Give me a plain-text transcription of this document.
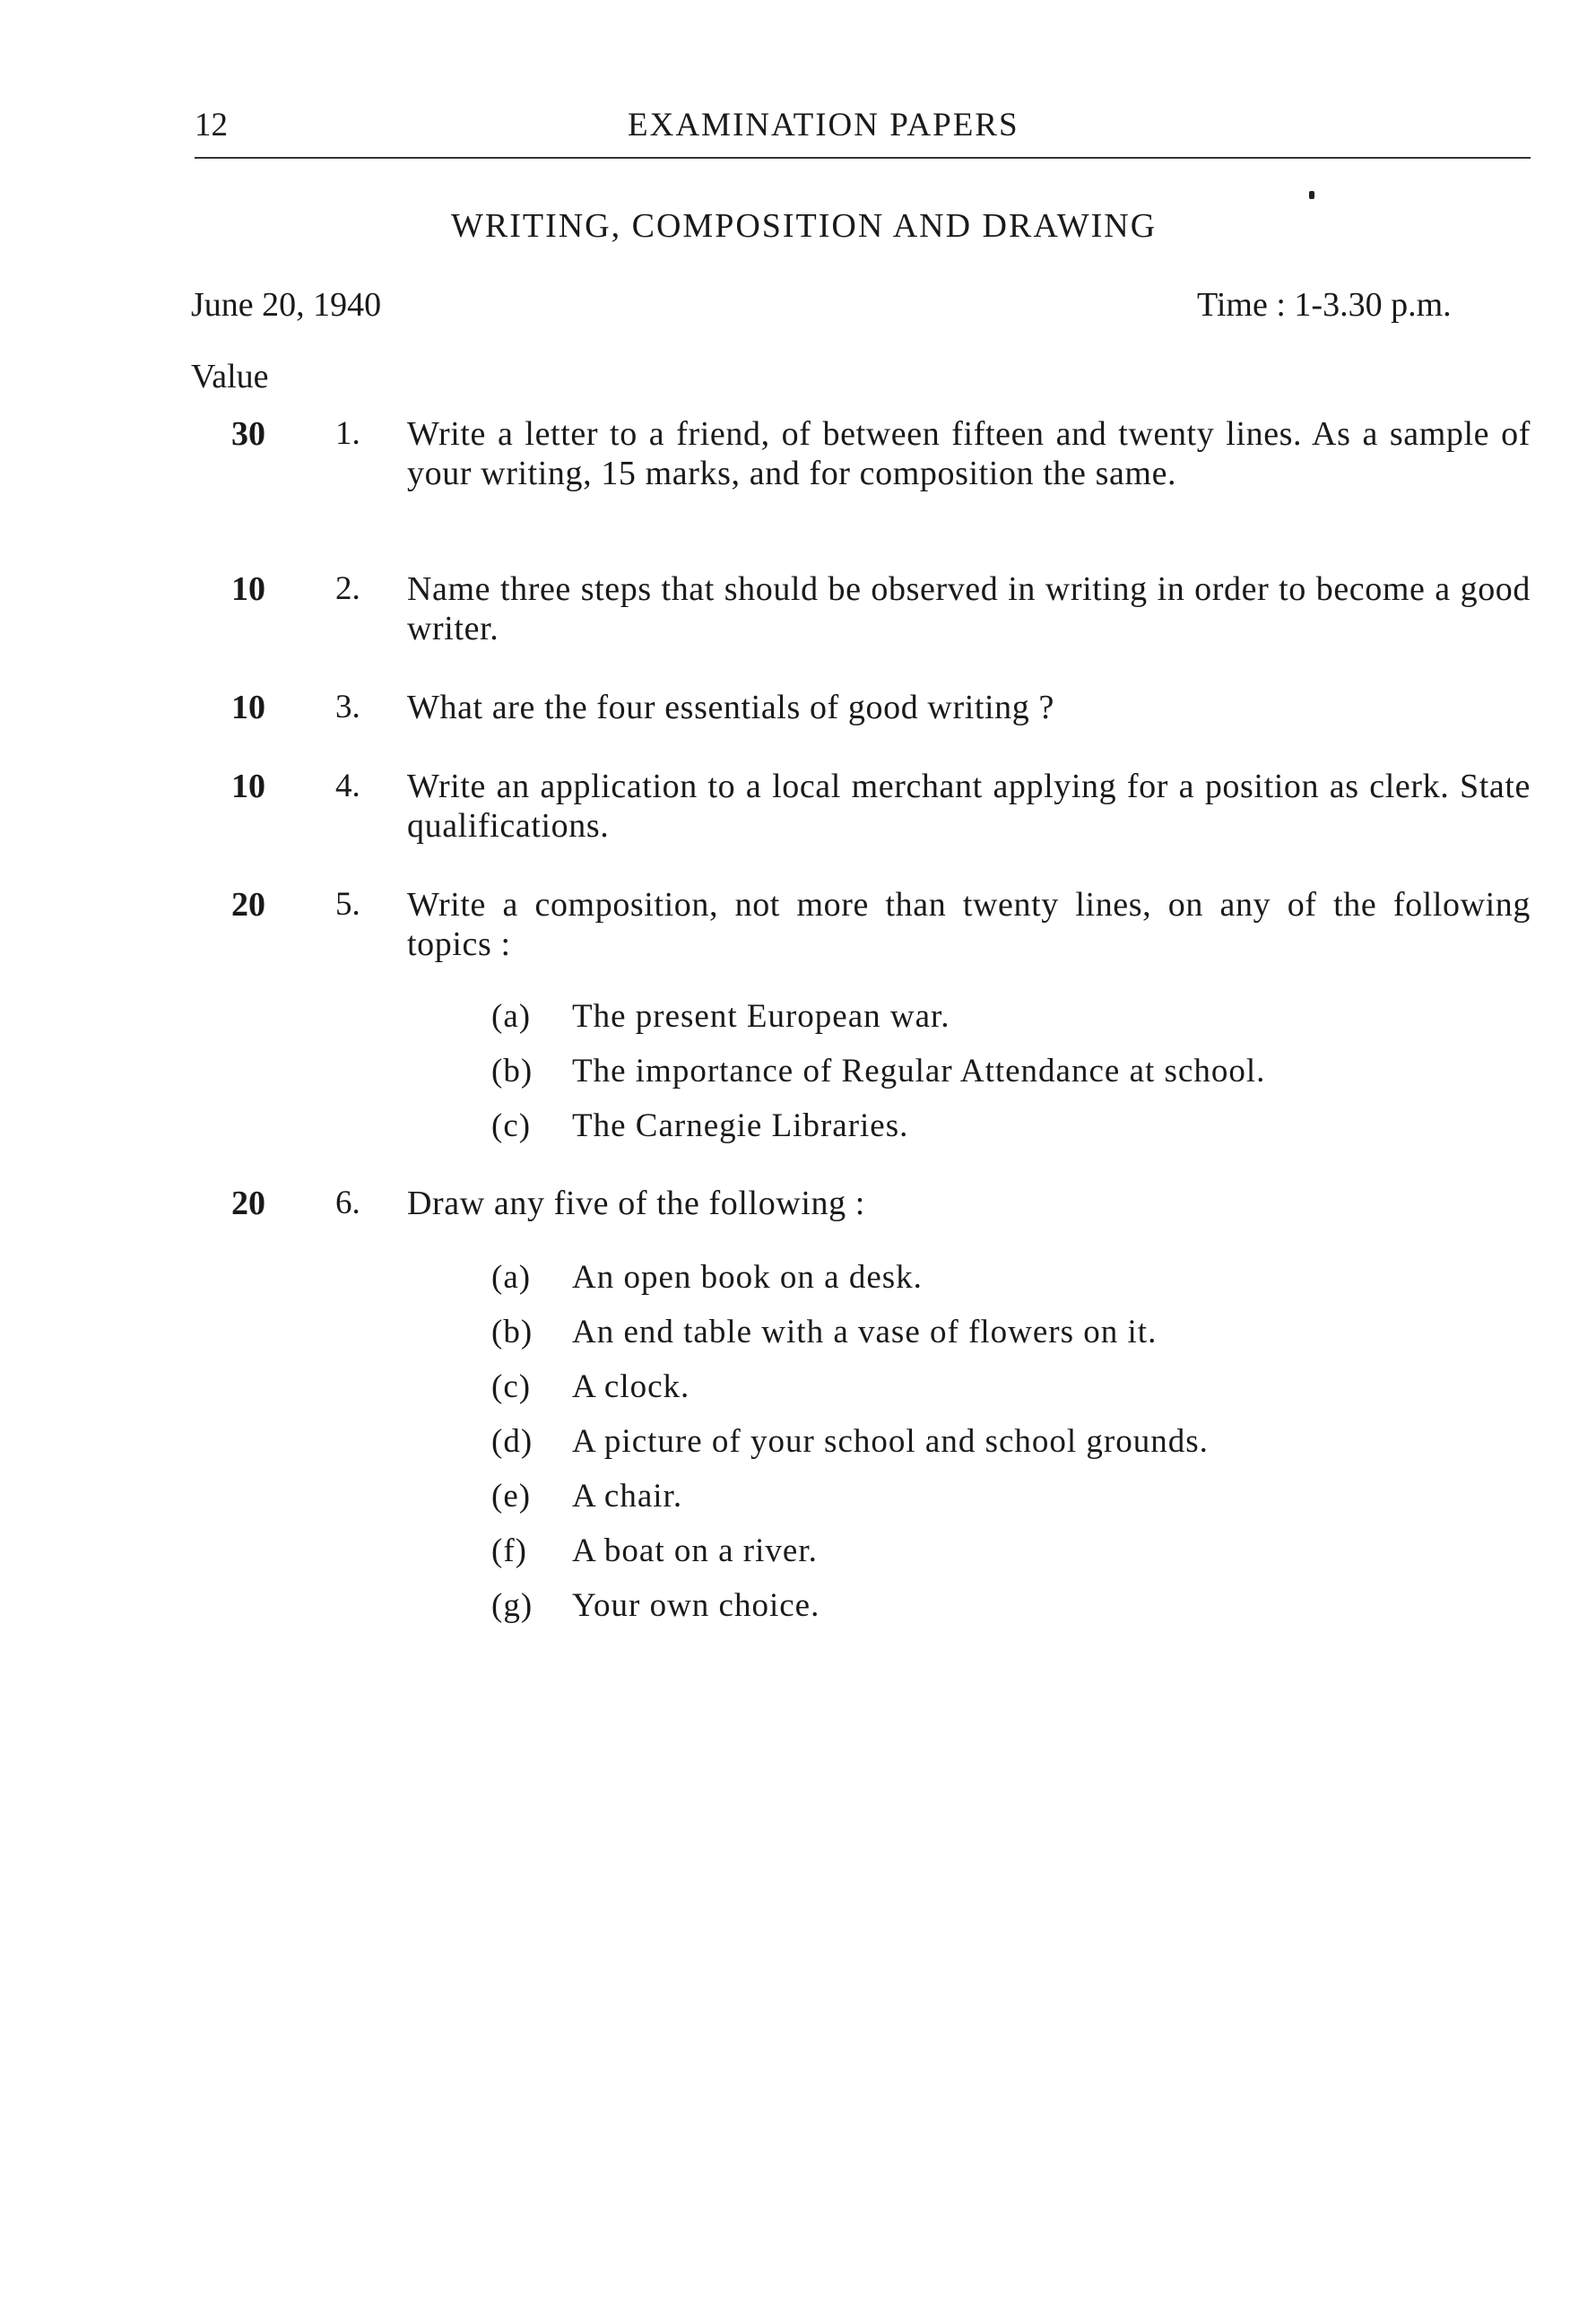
12	EXAMINATION PAPERS
WRITING, COMPOSITION AND DRAWING
June 20, 1940	Time : 1-3.30 p.m.
Value
30 1. Write a letter to a friend, of between fifteen and twenty lines. As a sample of your writing, 15 marks, and for composition the same.
10 2. Name three steps that should be observed in writing in order to become a good writer.
10 3. What are the four essentials of good writing ?
10 4. Write an application to a local merchant applying for a position as clerk. State qualifications.
20 5. Write a composition, not more than twenty lines, on any of the following topics :
(a) The present European war.
(b) The importance of Regular Attendance at school.
(c) The Carnegie Libraries.
20 6. Draw any five of the following :
(a) An open book on a desk.
(b) An end table with a vase of flowers on it.
(c) A clock.
(d) A picture of your school and school grounds.
(e) A chair.
(f) A boat on a river.
(g) Your own choice.
